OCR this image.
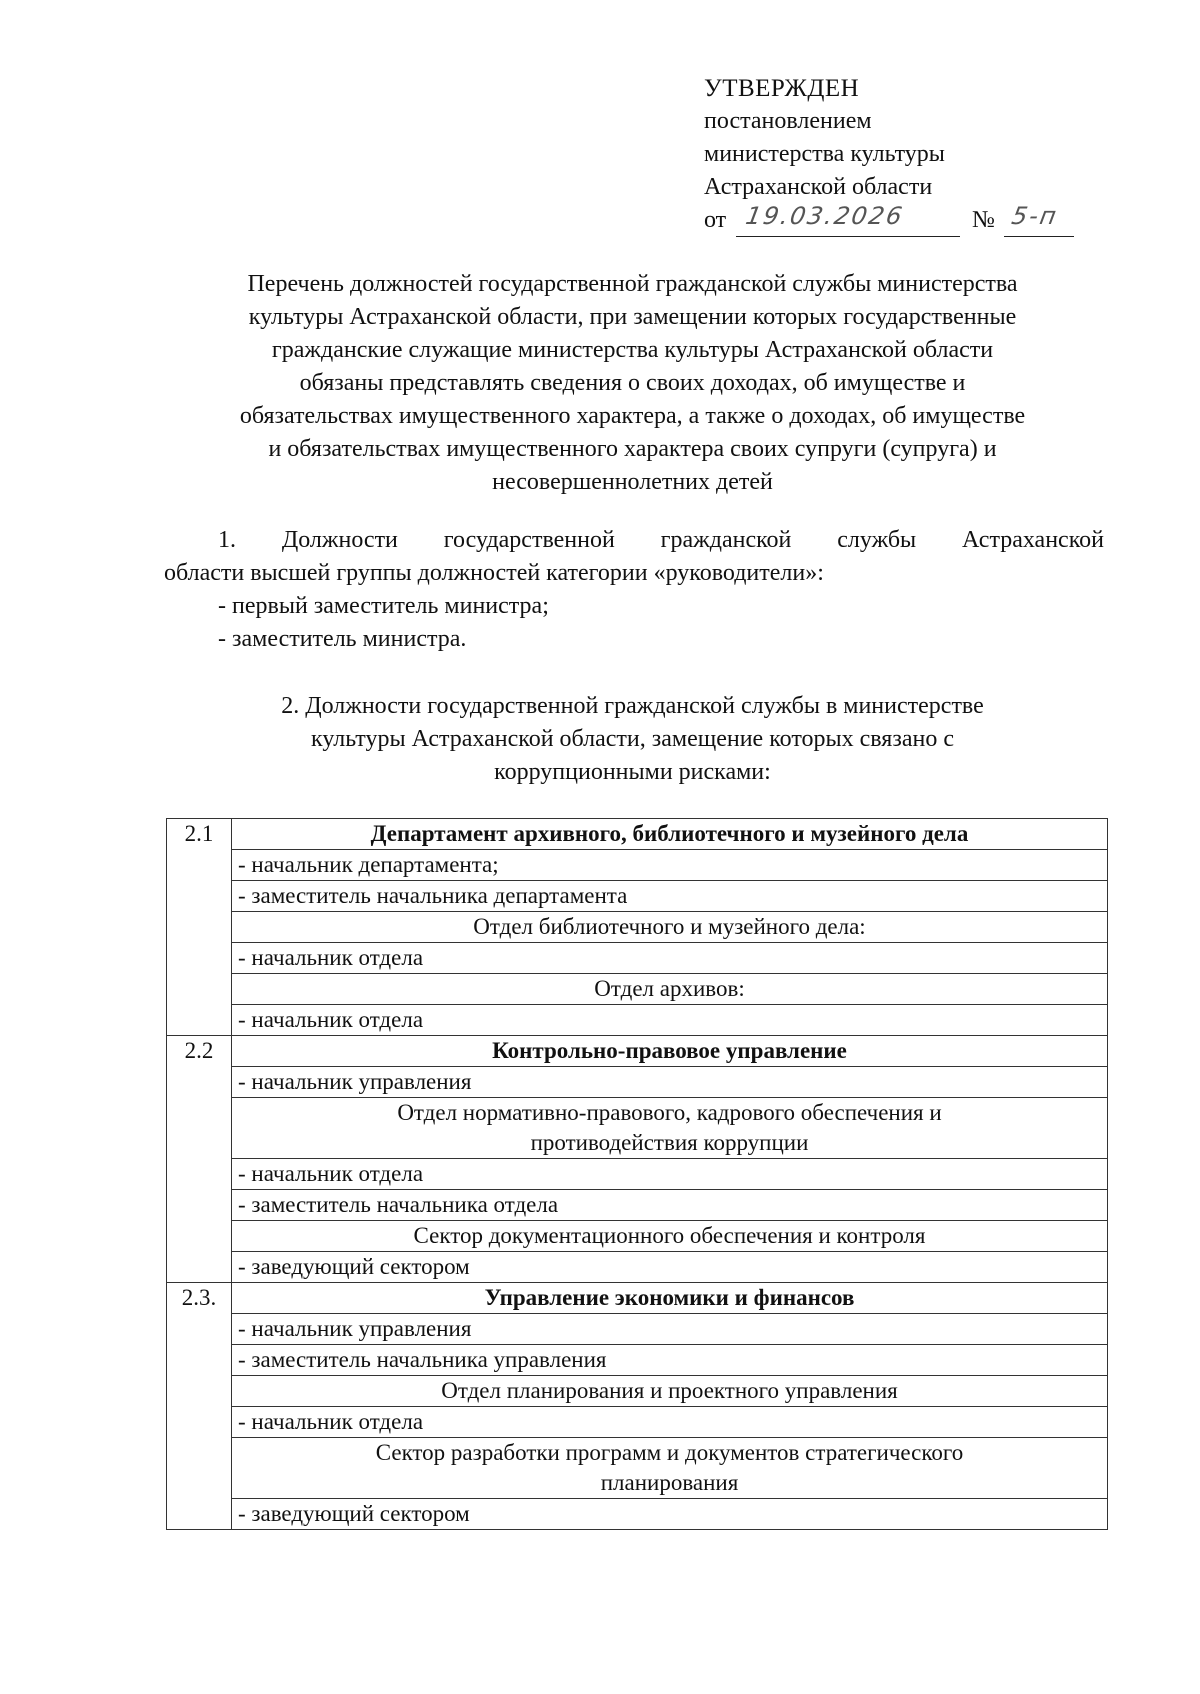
УТВЕРЖДЕН
постановлением
министерства культуры
Астраханской области
от 19.03.2026	№ 5-п
Перечень должностей государственной гражданской службы министерства
культуры Астраханской области, при замещении которых государственные
гражданские служащие министерства культуры Астраханской области
обязаны представлять сведения о своих доходах, об имуществе и
обязательствах имущественного характера, а также о доходах, об имуществе
и обязательствах имущественного характера своих супруги (супруга) и
несовершеннолетних детей
1. Должности государственной гражданской службы Астраханской
области высшей группы должностей категории «руководители»:
- первый заместитель министра;
- заместитель министра.
2. Должности государственной гражданской службы в министерстве
культуры Астраханской области, замещение которых связано с
коррупционными рисками:
2.1	Департамент архивного, библиотечного и музейного дела
	- начальник департамента;
	- заместитель начальника департамента
	Отдел библиотечного и музейного дела:
	- начальник отдела
	Отдел архивов:
	- начальник отдела
2.2	Контрольно-правовое управление
	- начальник управления
	Отдел нормативно-правового, кадрового обеспечения и противодействия коррупции
	- начальник отдела
	- заместитель начальника отдела
	Сектор документационного обеспечения и контроля
	- заведующий сектором
2.3.	Управление экономики и финансов
	- начальник управления
	- заместитель начальника управления
	Отдел планирования и проектного управления
	- начальник отдела
	Сектор разработки программ и документов стратегического планирования
	- заведующий сектором
